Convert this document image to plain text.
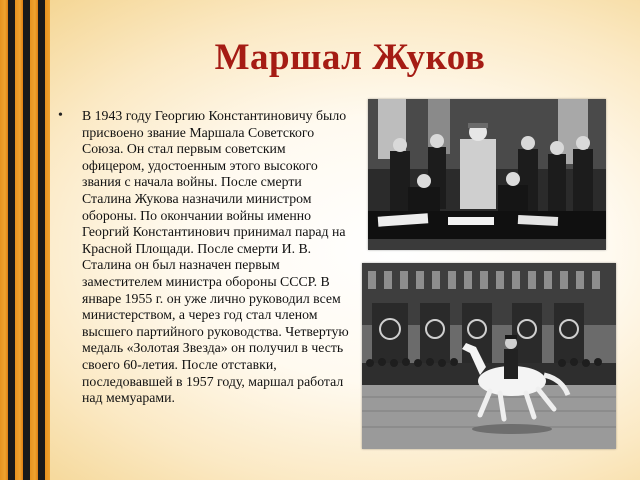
Маршал Жуков
•	В 1943 году Георгию Константиновичу было присвоено звание Маршала Советского Союза. Он стал первым советским офицером, удостоенным этого высокого звания с начала войны. После смерти Сталина Жукова назначили министром обороны. По окончании войны именно Георгий Константинович принимал парад на Красной Площади. После смерти И. В. Сталина он был назначен первым заместителем министра обороны СССР. В январе 1955 г. он уже лично руководил всем министерством, а через год стал членом высшего партийного руководства. Четвертую медаль «Золотая Звезда» он получил в честь своего 60-летия. После отставки, последовавшей в 1957 году, маршал работал над мемуарами.
